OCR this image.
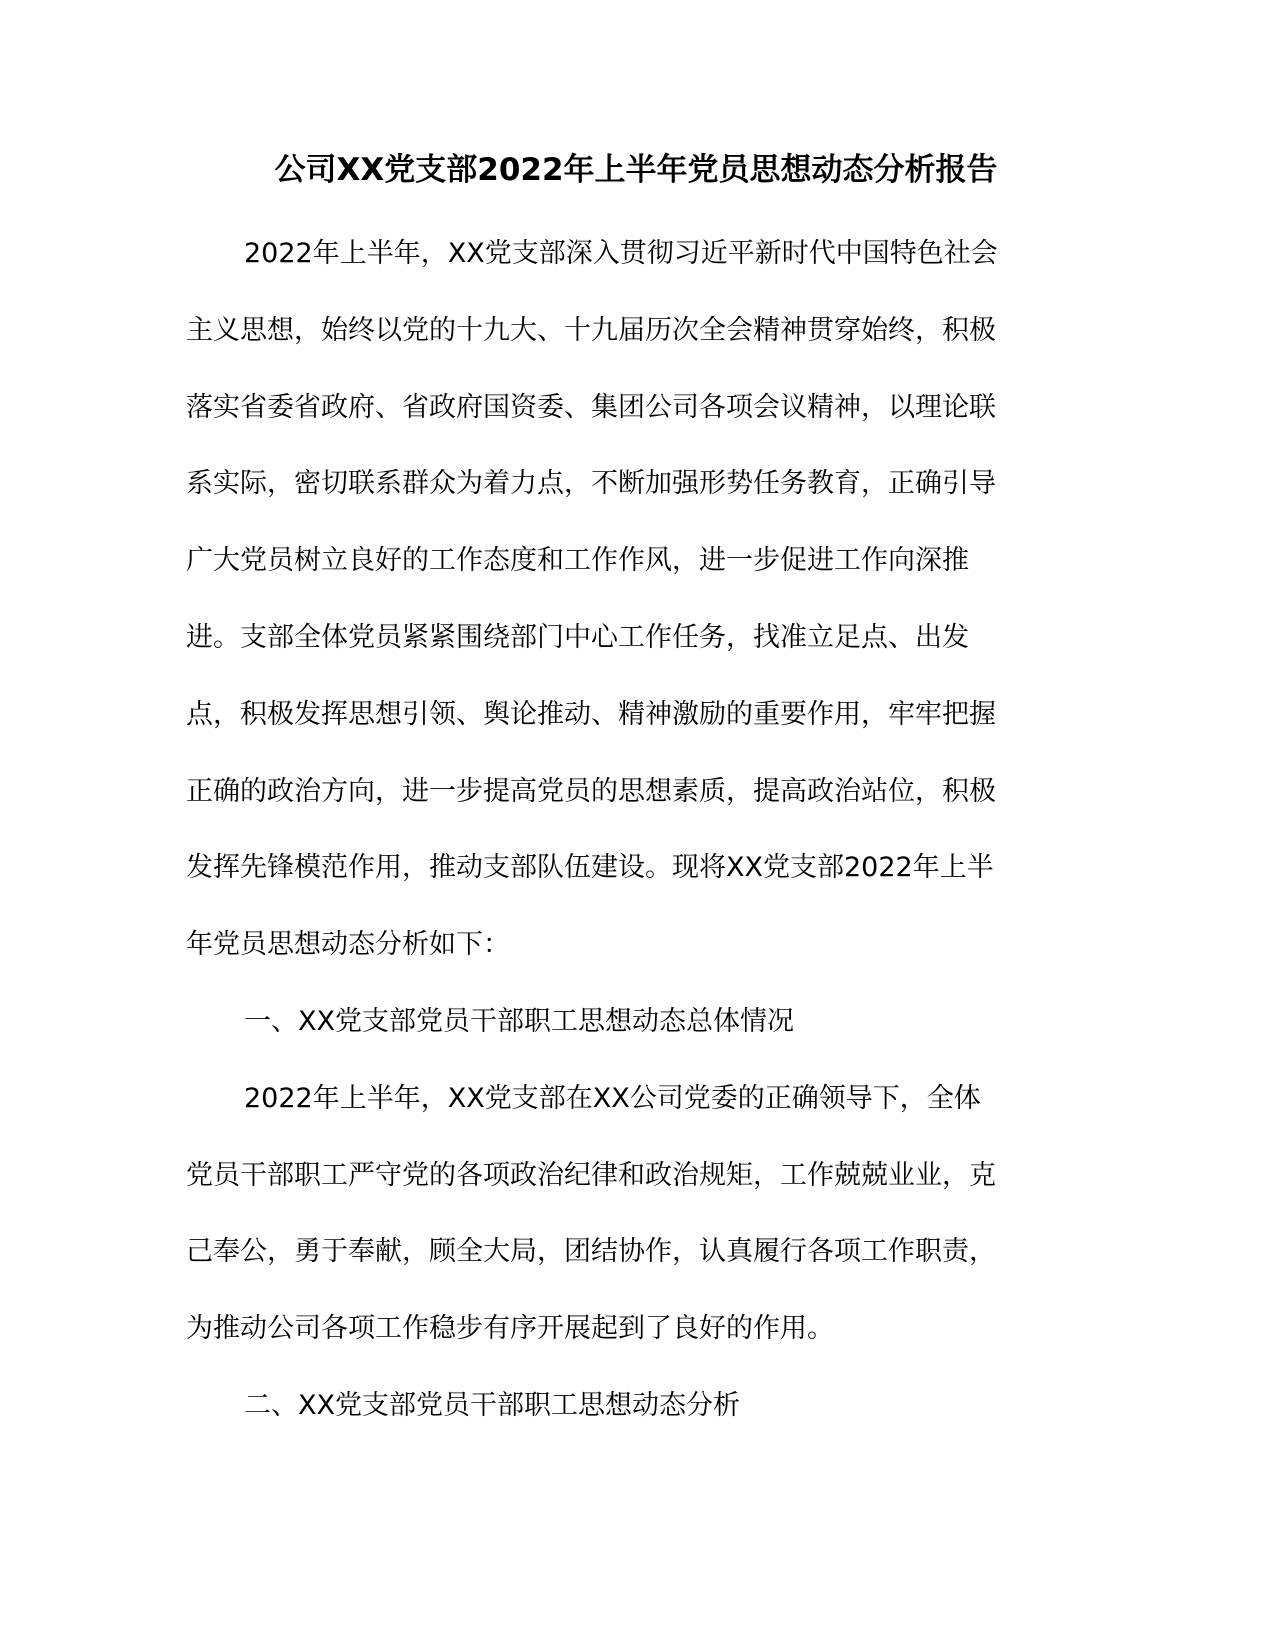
公司XX党支部2022年上半年党员思想动态分析报告
2022年上半年，XX党支部深入贯彻习近平新时代中国特色社会
主义思想，始终以党的十九大、十九届历次全会精神贯穿始终，积极
落实省委省政府、省政府国资委、集团公司各项会议精神，以理论联
系实际，密切联系群众为着力点，不断加强形势任务教育，正确引导
广大党员树立良好的工作态度和工作作风，进一步促进工作向深推
进。支部全体党员紧紧围绕部门中心工作任务，找准立足点、出发
点，积极发挥思想引领、舆论推动、精神激励的重要作用，牢牢把握
正确的政治方向，进一步提高党员的思想素质，提高政治站位，积极
发挥先锋模范作用，推动支部队伍建设。现将XX党支部2022年上半
年党员思想动态分析如下：
一、XX党支部党员干部职工思想动态总体情况
2022年上半年，XX党支部在XX公司党委的正确领导下，全体
党员干部职工严守党的各项政治纪律和政治规矩，工作兢兢业业，克
己奉公，勇于奉献，顾全大局，团结协作，认真履行各项工作职责，
为推动公司各项工作稳步有序开展起到了良好的作用。
二、XX党支部党员干部职工思想动态分析
